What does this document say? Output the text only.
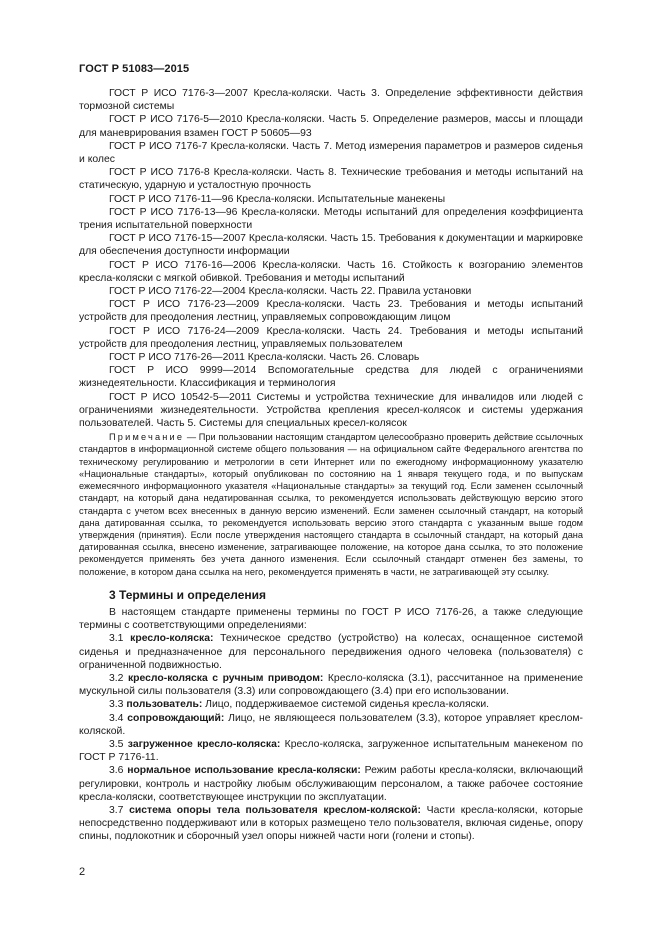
ГОСТ Р 51083—2015

ГОСТ Р ИСО 7176-3—2007 Кресла-коляски. Часть 3. Определение эффективности действия тормозной системы

ГОСТ Р ИСО 7176-5—2010 Кресла-коляски. Часть 5. Определение размеров, массы и площади для маневрирования взамен ГОСТ Р 50605—93

ГОСТ Р ИСО 7176-7 Кресла-коляски. Часть 7. Метод измерения параметров и размеров сиденья и колес

ГОСТ Р ИСО 7176-8 Кресла-коляски. Часть 8. Технические требования и методы испытаний на статическую, ударную и усталостную прочность

ГОСТ Р ИСО 7176-11—96 Кресла-коляски. Испытательные манекены

ГОСТ Р ИСО 7176-13—96 Кресла-коляски. Методы испытаний для определения коэффициента трения испытательной поверхности

ГОСТ Р ИСО 7176-15—2007 Кресла-коляски. Часть 15. Требования к документации и маркировке для обеспечения доступности информации

ГОСТ Р ИСО 7176-16—2006 Кресла-коляски. Часть 16. Стойкость к возгоранию элементов кресла-коляски с мягкой обивкой. Требования и методы испытаний

ГОСТ Р ИСО 7176-22—2004 Кресла-коляски. Часть 22. Правила установки

ГОСТ Р ИСО 7176-23—2009 Кресла-коляски. Часть 23. Требования и методы испытаний устройств для преодоления лестниц, управляемых сопровождающим лицом

ГОСТ Р ИСО 7176-24—2009 Кресла-коляски. Часть 24. Требования и методы испытаний устройств для преодоления лестниц, управляемых пользователем

ГОСТ Р ИСО 7176-26—2011 Кресла-коляски. Часть 26. Словарь

ГОСТ Р ИСО 9999—2014 Вспомогательные средства для людей с ограничениями жизнедеятельности. Классификация и терминология

ГОСТ Р ИСО 10542-5—2011 Системы и устройства технические для инвалидов или людей с ограничениями жизнедеятельности. Устройства крепления кресел-колясок и системы удержания пользователей. Часть 5. Системы для специальных кресел-колясок

Примечание — При пользовании настоящим стандартом целесообразно проверить действие ссылочных стандартов в информационной системе общего пользования — на официальном сайте Федерального агентства по техническому регулированию и метрологии в сети Интернет или по ежегодному информационному указателю «Национальные стандарты», который опубликован по состоянию на 1 января текущего года, и по выпускам ежемесячного информационного указателя «Национальные стандарты» за текущий год. Если заменен ссылочный стандарт, на который дана недатированная ссылка, то рекомендуется использовать действующую версию этого стандарта с учетом всех внесенных в данную версию изменений. Если заменен ссылочный стандарт, на который дана датированная ссылка, то рекомендуется использовать версию этого стандарта с указанным выше годом утверждения (принятия). Если после утверждения настоящего стандарта в ссылочный стандарт, на который дана датированная ссылка, внесено изменение, затрагивающее положение, на которое дана ссылка, то это положение рекомендуется применять без учета данного изменения. Если ссылочный стандарт отменен без замены, то положение, в котором дана ссылка на него, рекомендуется применять в части, не затрагивающей эту ссылку.

3 Термины и определения

В настоящем стандарте применены термины по ГОСТ Р ИСО 7176-26, а также следующие термины с соответствующими определениями:

3.1 кресло-коляска: Техническое средство (устройство) на колесах, оснащенное системой сиденья и предназначенное для персонального передвижения одного человека (пользователя) с ограниченной подвижностью.

3.2 кресло-коляска с ручным приводом: Кресло-коляска (3.1), рассчитанное на применение мускульной силы пользователя (3.3) или сопровождающего (3.4) при его использовании.

3.3 пользователь: Лицо, поддерживаемое системой сиденья кресла-коляски.

3.4 сопровождающий: Лицо, не являющееся пользователем (3.3), которое управляет креслом-коляской.

3.5 загруженное кресло-коляска: Кресло-коляска, загруженное испытательным манекеном по ГОСТ Р 7176-11.

3.6 нормальное использование кресла-коляски: Режим работы кресла-коляски, включающий регулировки, контроль и настройку любым обслуживающим персоналом, а также рабочее состояние кресла-коляски, соответствующее инструкции по эксплуатации.

3.7 система опоры тела пользователя креслом-коляской: Части кресла-коляски, которые непосредственно поддерживают или в которых размещено тело пользователя, включая сиденье, опору спины, подлокотник и сборочный узел опоры нижней части ноги (голени и стопы).

2
